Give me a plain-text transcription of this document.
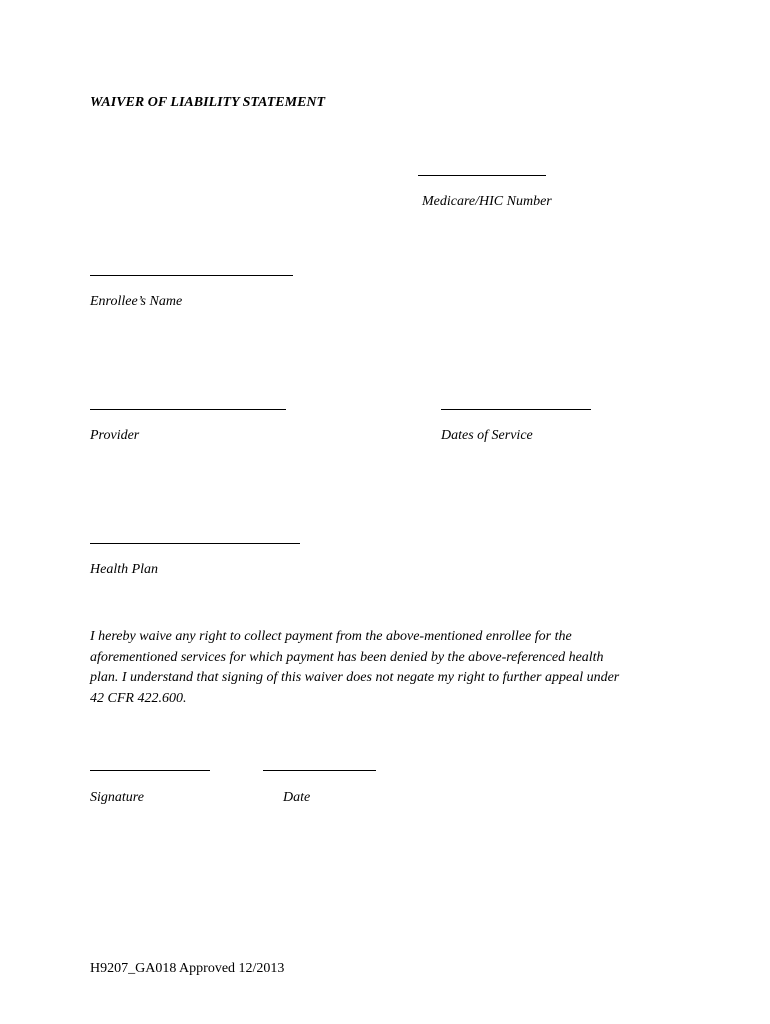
WAIVER OF LIABILITY STATEMENT
Medicare/HIC Number
Enrollee’s Name
Provider	Dates of Service
Health Plan
I hereby waive any right to collect payment from the above-mentioned enrollee for the
aforementioned services for which payment has been denied by the above-referenced health
plan. I understand that signing of this waiver does not negate my right to further appeal under
42 CFR 422.600.
Signature	Date
H9207_GA018 Approved 12/2013
